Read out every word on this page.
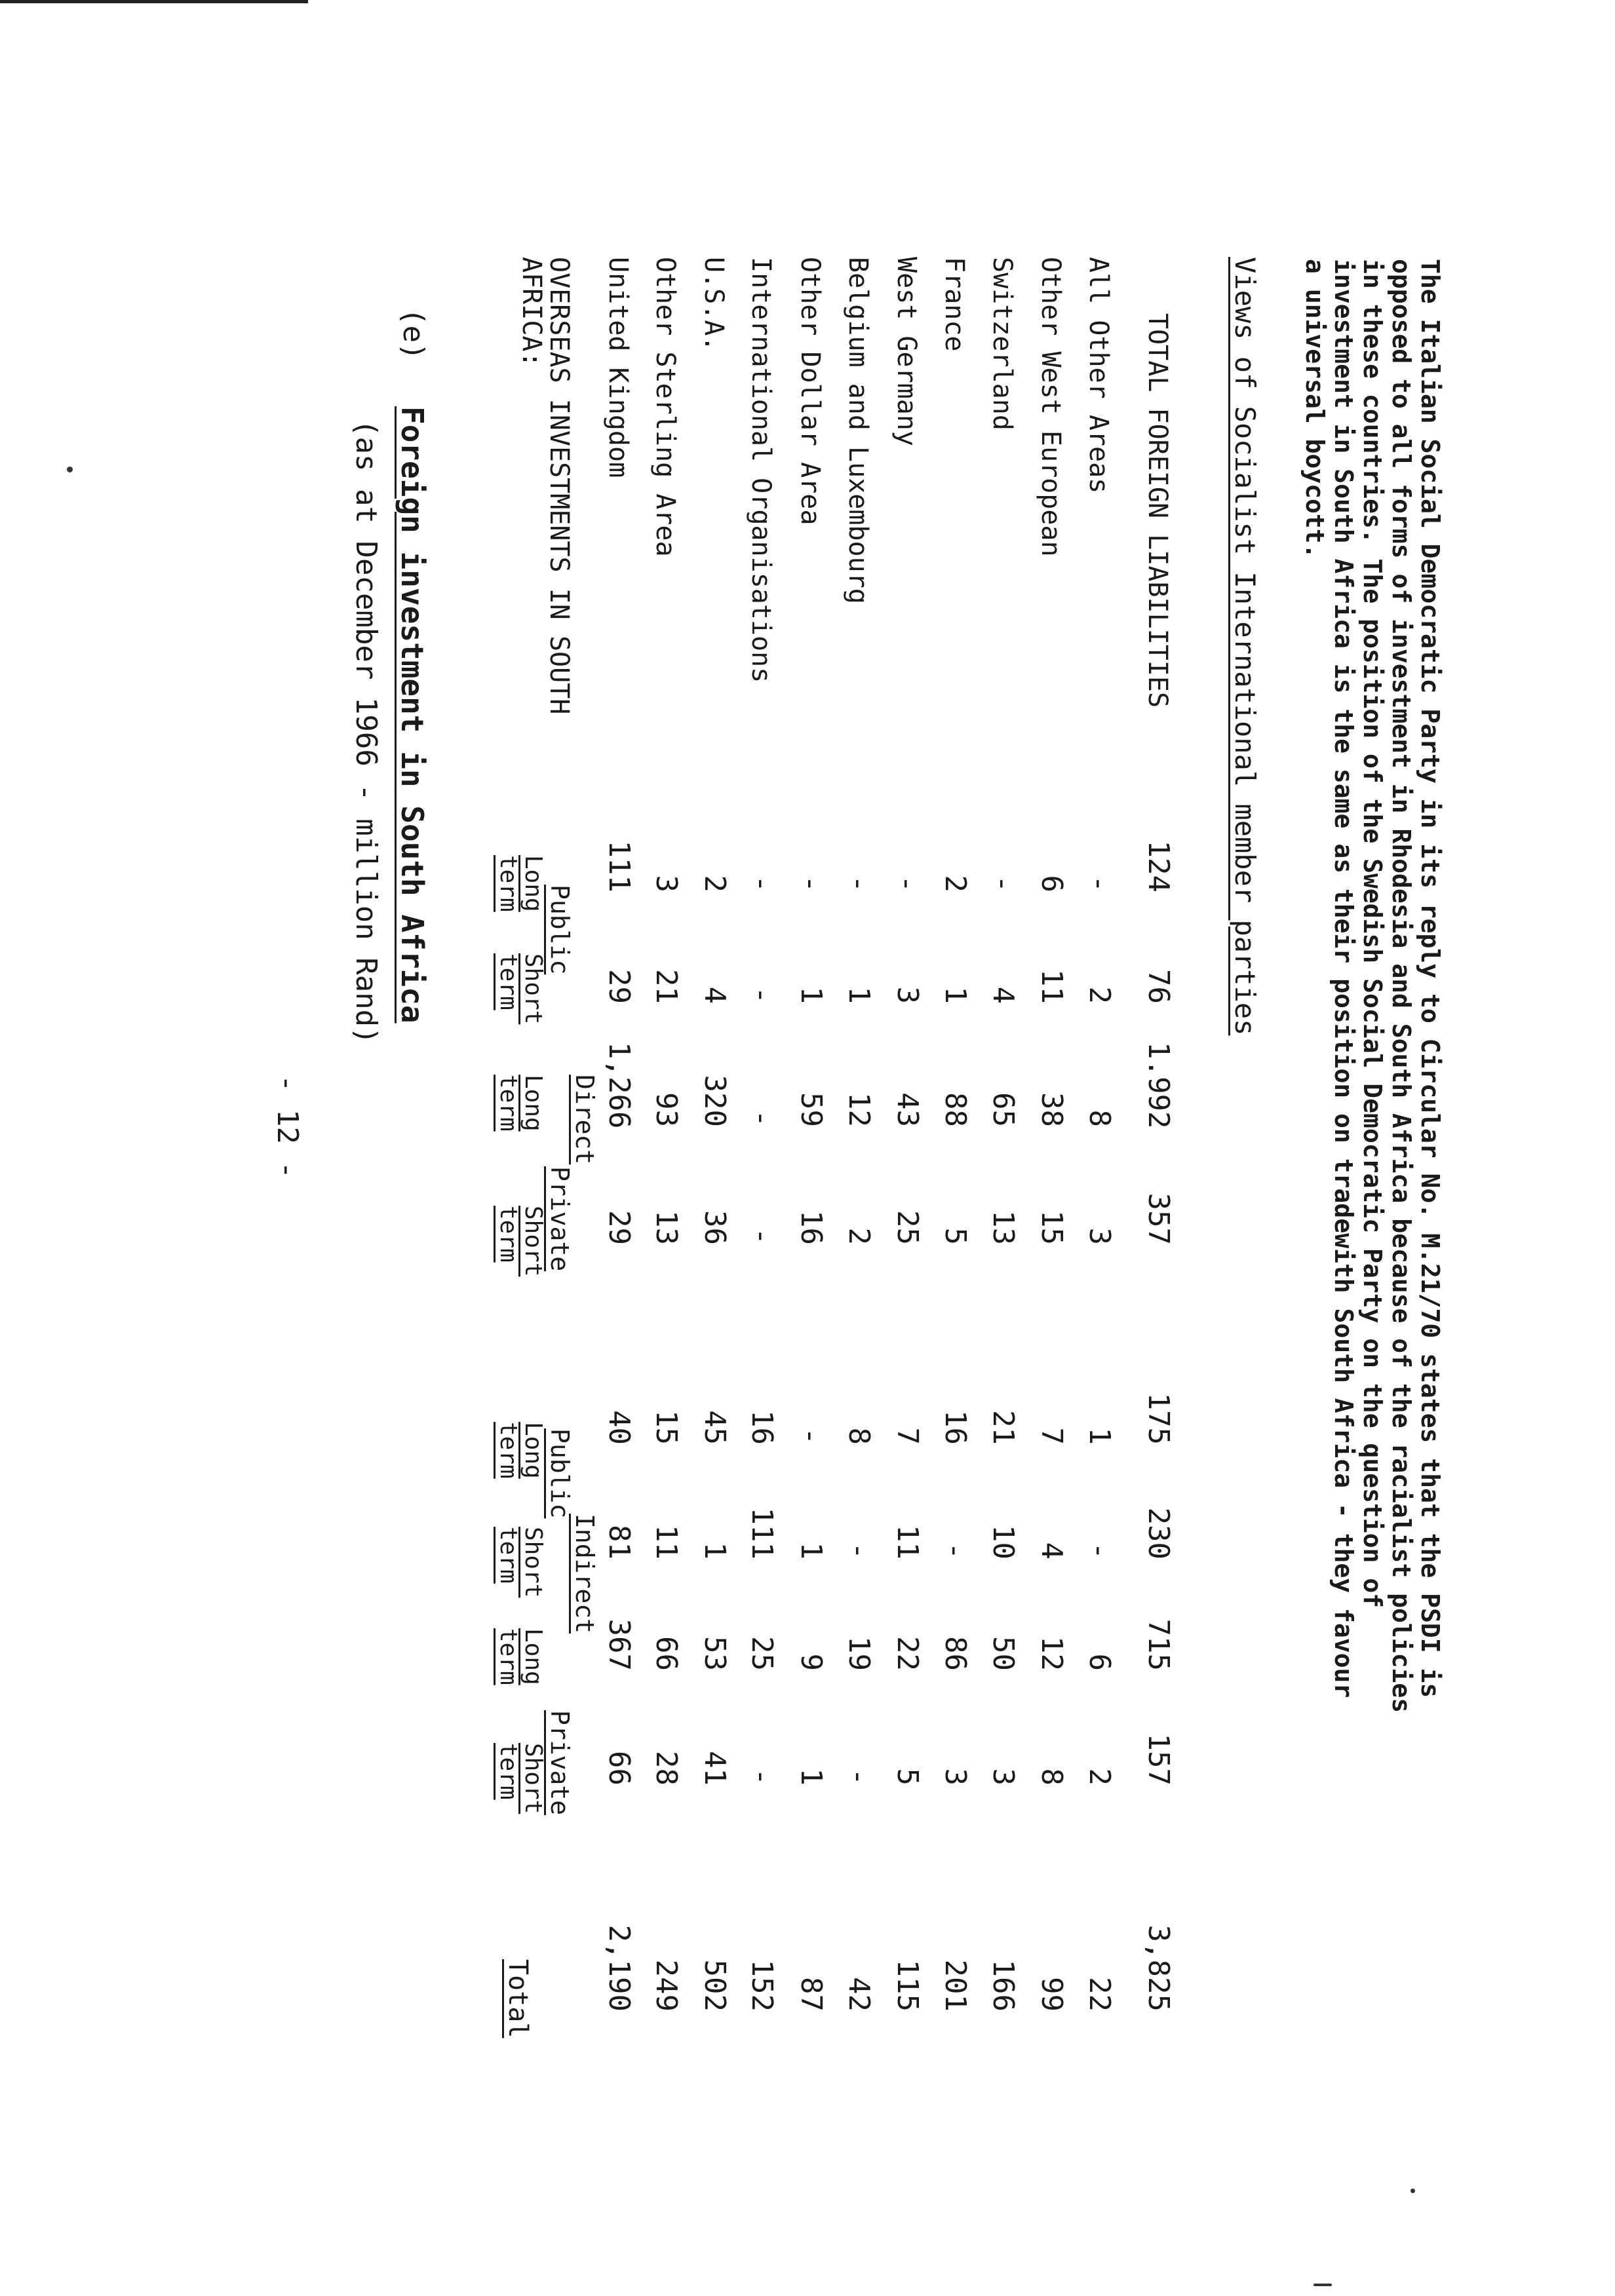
- 12 -
(e)
Foreign investment in South Africa
(as at December 1966 - million Rand)	OVERSEAS INVESTMENTS IN SOUTH AFRICA:
Direct
Indirect
Public
Private
Public
Private
Long term
Short term
Long term
Short term
Long term
Short term
Long term
Short term
Total
United Kingdom
111
29
1,266
29
40
81
367
66
2,190
Other Sterling Area
3
21
93
13
15
11
66
28
249
U.S.A.
2
4
320
36
45
1
53
41
502
International Organisations
-
-
-
-
16
111
25
-
152
Other Dollar Area
-
1
59
16
-
1
9
1
87
Belgium and Luxembourg
-
1
12
2
8
-
19
-
42
West Germany
-
3
43
25
7
11
22
5
115
France
2
1
88
5
16
-
86
3
201
Switzerland
-
4
65
13
21
10
50
3
166
Other West European
6
11
38
15
7
4
12
8
99
All Other Areas
-
2
8
3
1
-
6
2
22
TOTAL FOREIGN LIABILITIES
124
76
1.992
357
175
230
715
157
3,825
Views of Socialist International member parties	The Italian Social Democratic Party in its reply to Circular No. M.21/70 states that the PSDI is

opposed to all forms of investment in Rhodesia and South Africa because of the racialist policies

in these countries. The position of the Swedish Social Democratic Party on the question of

investment in South Africa is the same as their position on tradewith South Africa - they favour

a universal boycott.
